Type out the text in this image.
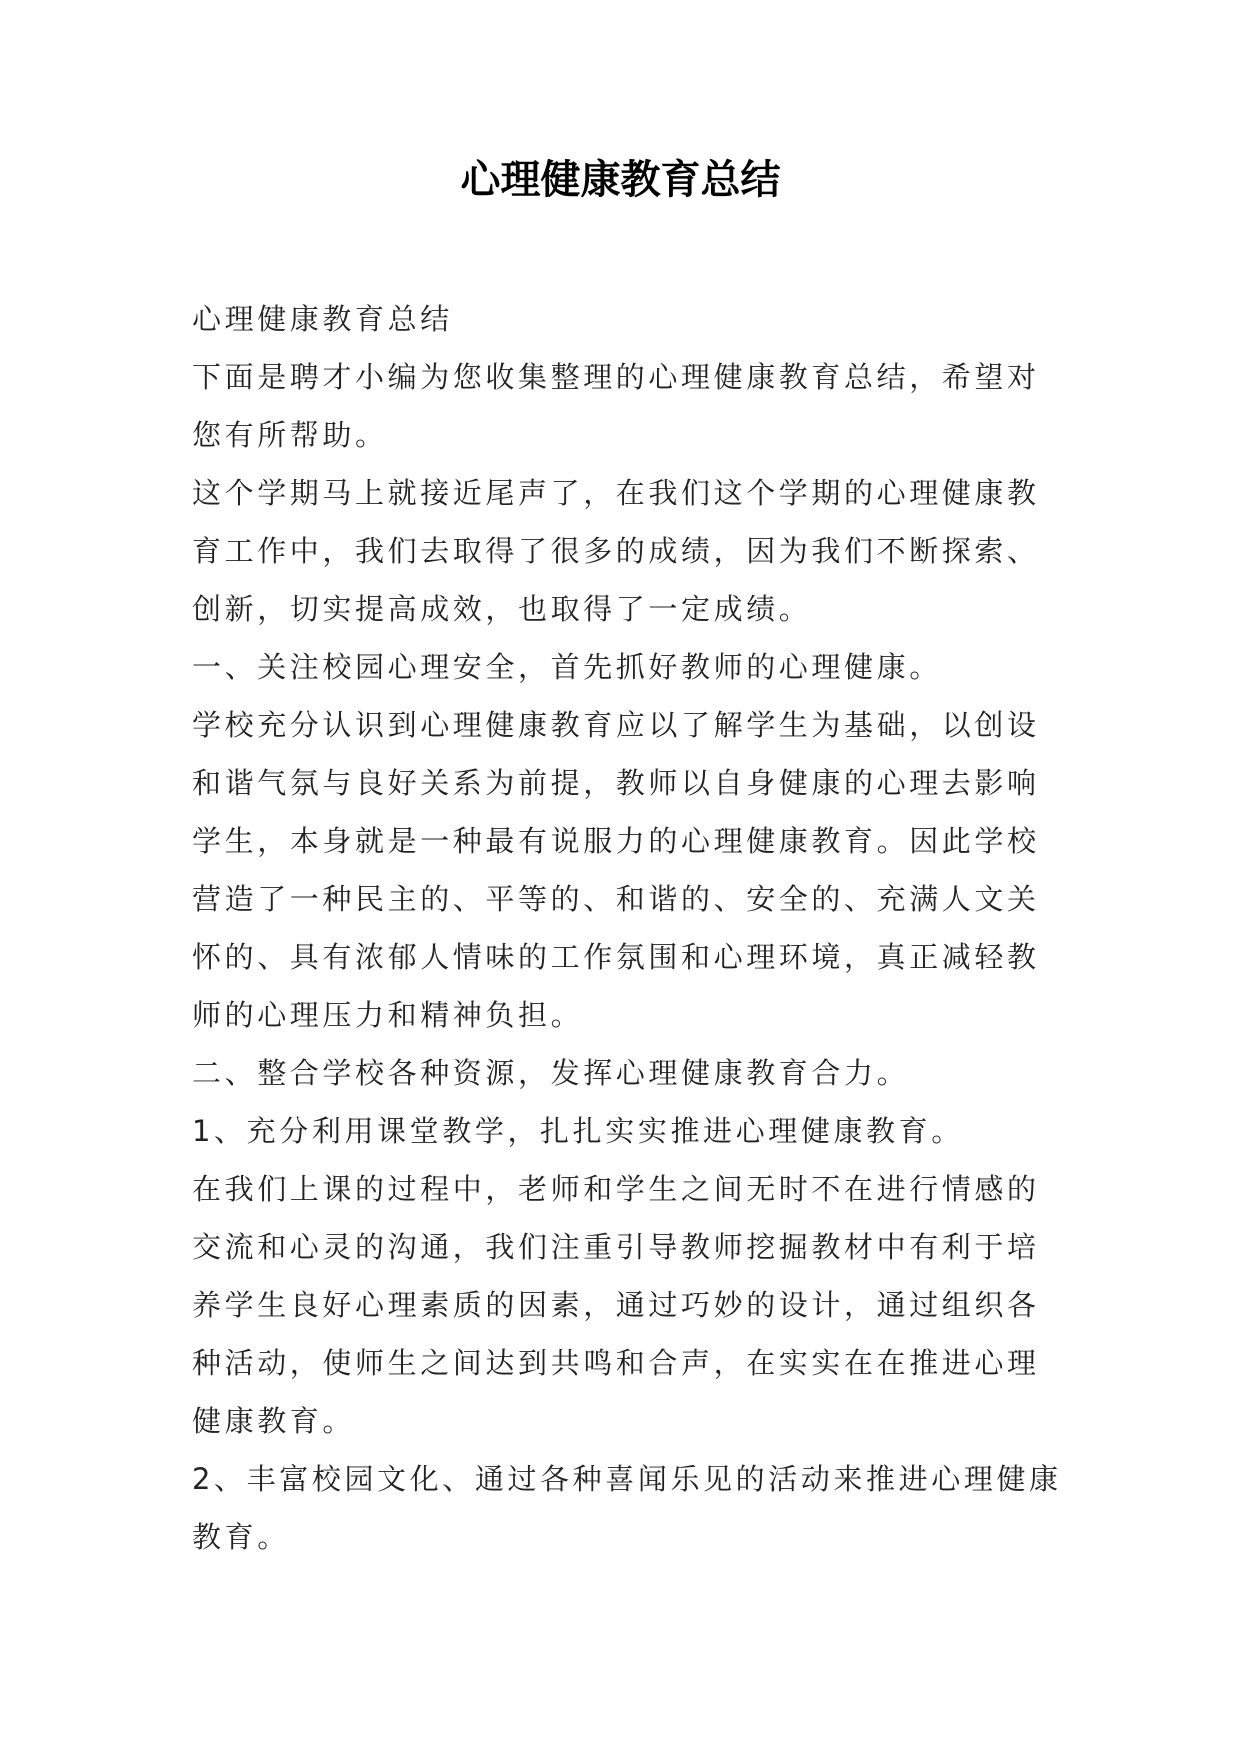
心理健康教育总结

心理健康教育总结

下面是聘才小编为您收集整理的心理健康教育总结，希望对您有所帮助。

这个学期马上就接近尾声了，在我们这个学期的心理健康教育工作中，我们去取得了很多的成绩，因为我们不断探索、创新，切实提高成效，也取得了一定成绩。

一、关注校园心理安全，首先抓好教师的心理健康。

学校充分认识到心理健康教育应以了解学生为基础，以创设和谐气氛与良好关系为前提，教师以自身健康的心理去影响学生，本身就是一种最有说服力的心理健康教育。因此学校营造了一种民主的、平等的、和谐的、安全的、充满人文关怀的、具有浓郁人情味的工作氛围和心理环境，真正减轻教师的心理压力和精神负担。

二、整合学校各种资源，发挥心理健康教育合力。

1、充分利用课堂教学，扎扎实实推进心理健康教育。

在我们上课的过程中，老师和学生之间无时不在进行情感的交流和心灵的沟通，我们注重引导教师挖掘教材中有利于培养学生良好心理素质的因素，通过巧妙的设计，通过组织各种活动，使师生之间达到共鸣和合声，在实实在在推进心理健康教育。

2、丰富校园文化、通过各种喜闻乐见的活动来推进心理健康教育。
